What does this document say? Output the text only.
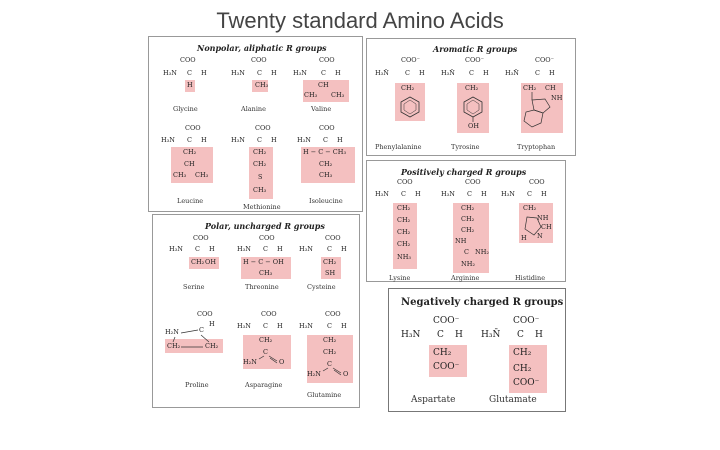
Twenty standard Amino Acids
Nonpolar, aliphatic R groups
COO
H₃N C H
H
Glycine
COO
H₃N C H
CH₃
Alanine
COO
H₃N C H
CH
CH₃ CH₃
Valine
COO
H₃N C H
CH₂
CH
CH₃ CH₃
Leucine
COO
H₃N C H
CH₂
CH₂
S
CH₃
Methionine
COO
H₃N C H
H − C − CH₃
CH₂
CH₃
Isoleucine
Aromatic R groups
COO⁻
H₃N̄ C H
CH₂
Phenylalanine
COO⁻
H₃N̄ C H
CH₂
OH
Tyrosine
COO⁻
H₃N̄ C H
CH₂ CH
NH
Tryptophan
Positively charged R groups
COO
H₃N C H
CH₂
CH₂
CH₂
CH₂
NH₃
Lysine
COO
H₃N C H
CH₂
CH₂
CH₂
NH
C NH₂
NH₂
Arginine
COO
H₃N C H
CH₂
NH
CH
N
H
Histidine
Polar, uncharged R groups
COO
H₃N C H
CH₂ OH
Serine
COO
H₃N C H
H − C − OH
CH₃
Threonine
COO
H₃N C H
CH₂
SH
Cysteine
COO
H
H₂N	C
CH₂	CH₂
Proline
COO
H₃N C H
CH₂
C
H₂N	O
Asparagine
COO
H₃N C H
CH₂
CH₂
C
H₂N	O
Glutamine
Negatively charged R groups
COO⁻
H₃N C H
CH₂
COO⁻
Aspartate
COO⁻
H₃N̄ C H
CH₂
CH₂
COO⁻
Glutamate
